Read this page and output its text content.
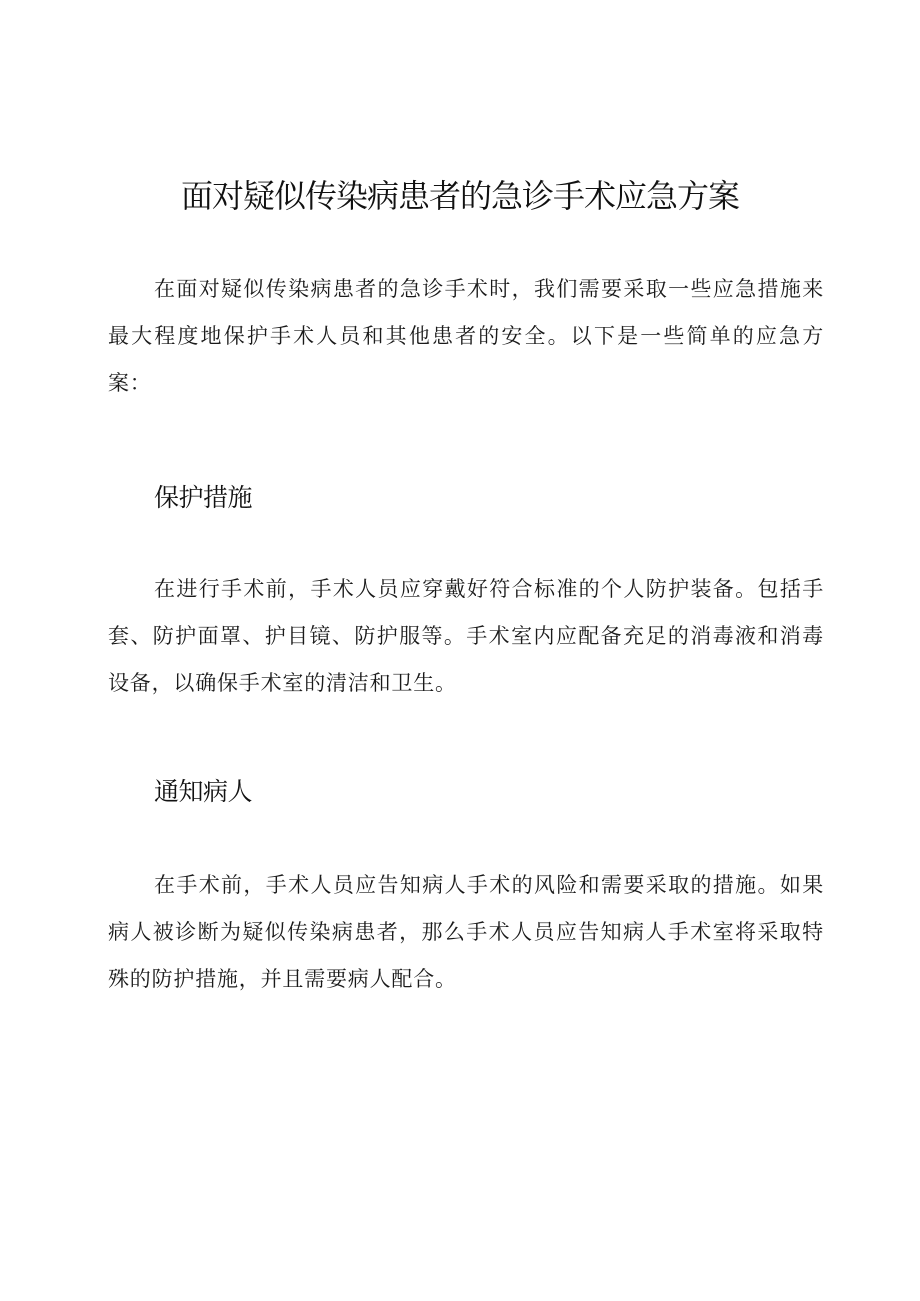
面对疑似传染病患者的急诊手术应急方案

在面对疑似传染病患者的急诊手术时，我们需要采取一些应急措施来最大程度地保护手术人员和其他患者的安全。以下是一些简单的应急方案：

保护措施

在进行手术前，手术人员应穿戴好符合标准的个人防护装备。包括手套、防护面罩、护目镜、防护服等。手术室内应配备充足的消毒液和消毒设备，以确保手术室的清洁和卫生。

通知病人

在手术前，手术人员应告知病人手术的风险和需要采取的措施。如果病人被诊断为疑似传染病患者，那么手术人员应告知病人手术室将采取特殊的防护措施，并且需要病人配合。
